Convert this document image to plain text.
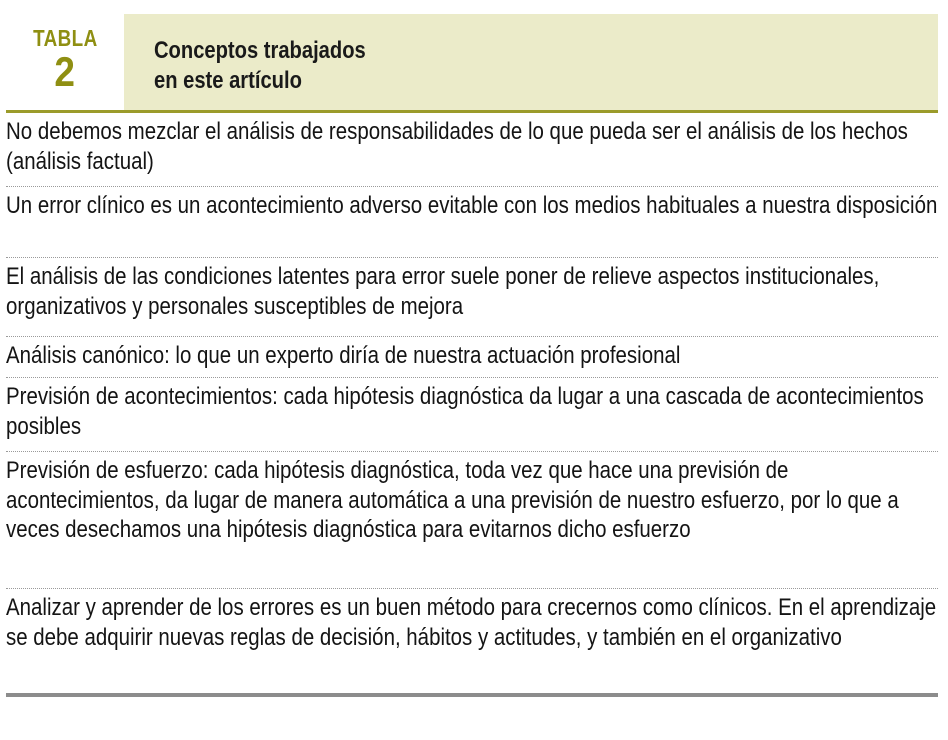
TABLA
2	Conceptos trabajados
en este artículo
No debemos mezclar el análisis de responsabilidades de lo que pueda ser el análisis de los hechos (análisis factual)
Un error clínico es un acontecimiento adverso evitable con los medios habituales a nuestra disposición
El análisis de las condiciones latentes para error suele poner de relieve aspectos institucionales, organizativos y personales susceptibles de mejora
Análisis canónico: lo que un experto diría de nuestra actuación profesional
Previsión de acontecimientos: cada hipótesis diagnóstica da lugar a una cascada de acontecimientos posibles
Previsión de esfuerzo: cada hipótesis diagnóstica, toda vez que hace una previsión de acontecimientos, da lugar de manera automática a una previsión de nuestro esfuerzo, por lo que a veces desechamos una hipótesis diagnóstica para evitarnos dicho esfuerzo
Analizar y aprender de los errores es un buen método para crecernos como clínicos. En el aprendizaje se debe adquirir nuevas reglas de decisión, hábitos y actitudes, y también en el organizativo
